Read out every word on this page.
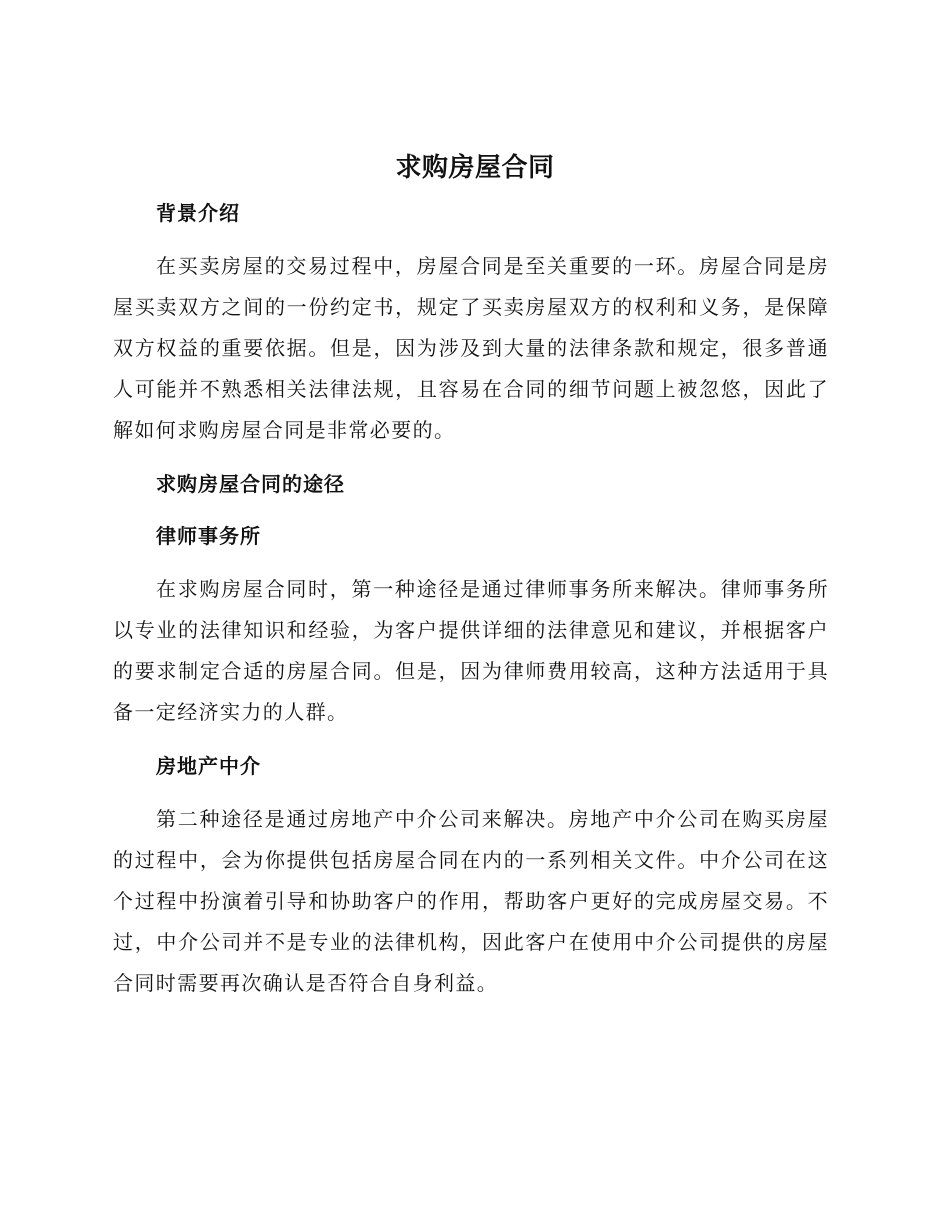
求购房屋合同
背景介绍

在买卖房屋的交易过程中，房屋合同是至关重要的一环。房屋合同是房屋买卖双方之间的一份约定书，规定了买卖房屋双方的权利和义务，是保障双方权益的重要依据。但是，因为涉及到大量的法律条款和规定，很多普通人可能并不熟悉相关法律法规，且容易在合同的细节问题上被忽悠，因此了解如何求购房屋合同是非常必要的。

求购房屋合同的途径
律师事务所

在求购房屋合同时，第一种途径是通过律师事务所来解决。律师事务所以专业的法律知识和经验，为客户提供详细的法律意见和建议，并根据客户的要求制定合适的房屋合同。但是，因为律师费用较高，这种方法适用于具备一定经济实力的人群。

房地产中介

第二种途径是通过房地产中介公司来解决。房地产中介公司在购买房屋的过程中，会为你提供包括房屋合同在内的一系列相关文件。中介公司在这个过程中扮演着引导和协助客户的作用，帮助客户更好的完成房屋交易。不过，中介公司并不是专业的法律机构，因此客户在使用中介公司提供的房屋合同时需要再次确认是否符合自身利益。
